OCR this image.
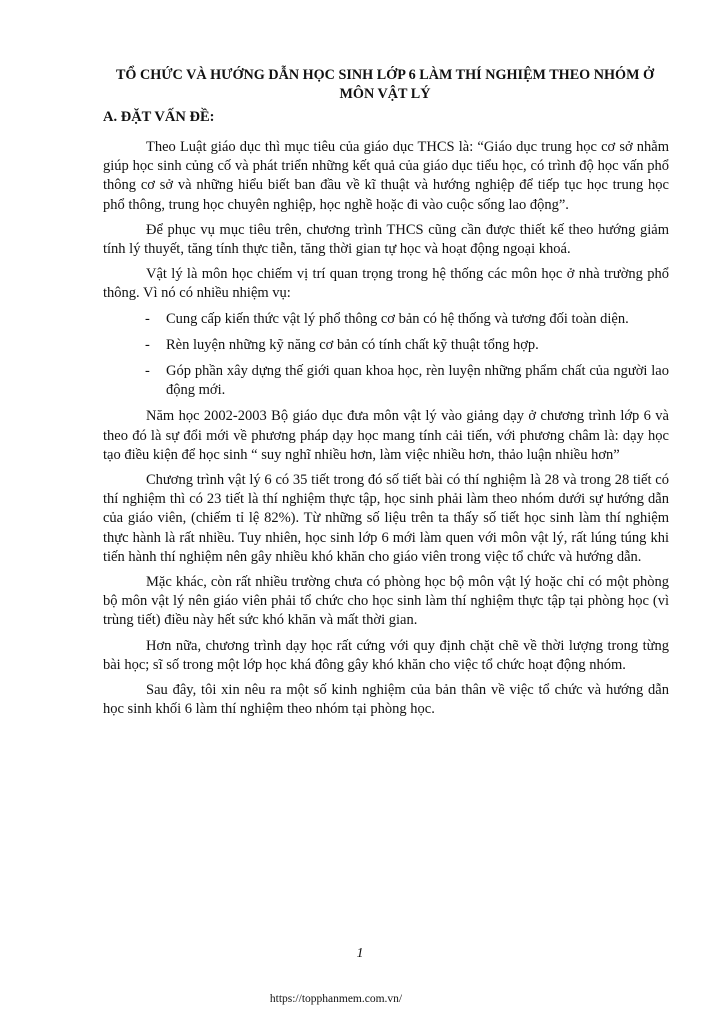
TỔ CHỨC VÀ HƯỚNG DẪN HỌC SINH LỚP 6 LÀM THÍ NGHIỆM THEO NHÓM Ở MÔN VẬT LÝ
A. ĐẶT VẤN ĐỀ:

Theo Luật giáo dục thì mục tiêu của giáo dục THCS là: “Giáo dục trung học cơ sở nhằm giúp học sinh củng cố và phát triển những kết quả của giáo dục tiểu học, có trình độ học vấn phổ thông cơ sở và những hiểu biết ban đầu về kĩ thuật và hướng nghiệp để tiếp tục học trung học phổ thông, trung học chuyên nghiệp, học nghề hoặc đi vào cuộc sống lao động”.

Để phục vụ mục tiêu trên, chương trình THCS cũng cần được thiết kế theo hướng giảm tính lý thuyết, tăng tính thực tiễn, tăng thời gian tự học và hoạt động ngoại khoá.

Vật lý là môn học chiếm vị trí quan trọng trong hệ thống các môn học ở nhà trường phổ thông. Vì nó có nhiều nhiệm vụ:

- Cung cấp kiến thức vật lý phổ thông cơ bản có hệ thống và tương đối toàn diện.
- Rèn luyện những kỹ năng cơ bản có tính chất kỹ thuật tổng hợp.
- Góp phần xây dựng thế giới quan khoa học, rèn luyện những phẩm chất của người lao động mới.

Năm học 2002-2003 Bộ giáo dục đưa môn vật lý vào giảng dạy ở chương trình lớp 6 và theo đó là sự đổi mới về phương pháp dạy học mang tính cải tiến, với phương châm là: dạy học tạo điều kiện để học sinh “ suy nghĩ nhiều hơn, làm việc nhiều hơn, thảo luận nhiều hơn”

Chương trình vật lý 6 có 35 tiết trong đó số tiết bài có thí nghiệm là 28 và trong 28 tiết có thí nghiệm thì có 23 tiết là thí nghiệm thực tập, học sinh phải làm theo nhóm dưới sự hướng dẫn của giáo viên, (chiếm tỉ lệ 82%). Từ những số liệu trên ta thấy số tiết học sinh làm thí nghiệm thực hành là rất nhiều. Tuy nhiên, học sinh lớp 6 mới làm quen với môn vật lý, rất lúng túng khi tiến hành thí nghiệm nên gây nhiều khó khăn cho giáo viên trong việc tổ chức và hướng dẫn.

Mặc khác, còn rất nhiều trường chưa có phòng học bộ môn vật lý hoặc chỉ có một phòng bộ môn vật lý nên giáo viên phải tổ chức cho học sinh làm thí nghiệm thực tập tại phòng học (vì trùng tiết) điều này hết sức khó khăn và mất thời gian.

Hơn nữa, chương trình dạy học rất cứng với quy định chặt chẽ về thời lượng trong từng bài học; sĩ số trong một lớp học khá đông gây khó khăn cho việc tổ chức hoạt động nhóm.

Sau đây, tôi xin nêu ra một số kinh nghiệm của bản thân về việc tổ chức và hướng dẫn học sinh khối 6 làm thí nghiệm theo nhóm tại phòng học.

1
https://topphanmem.com.vn/
